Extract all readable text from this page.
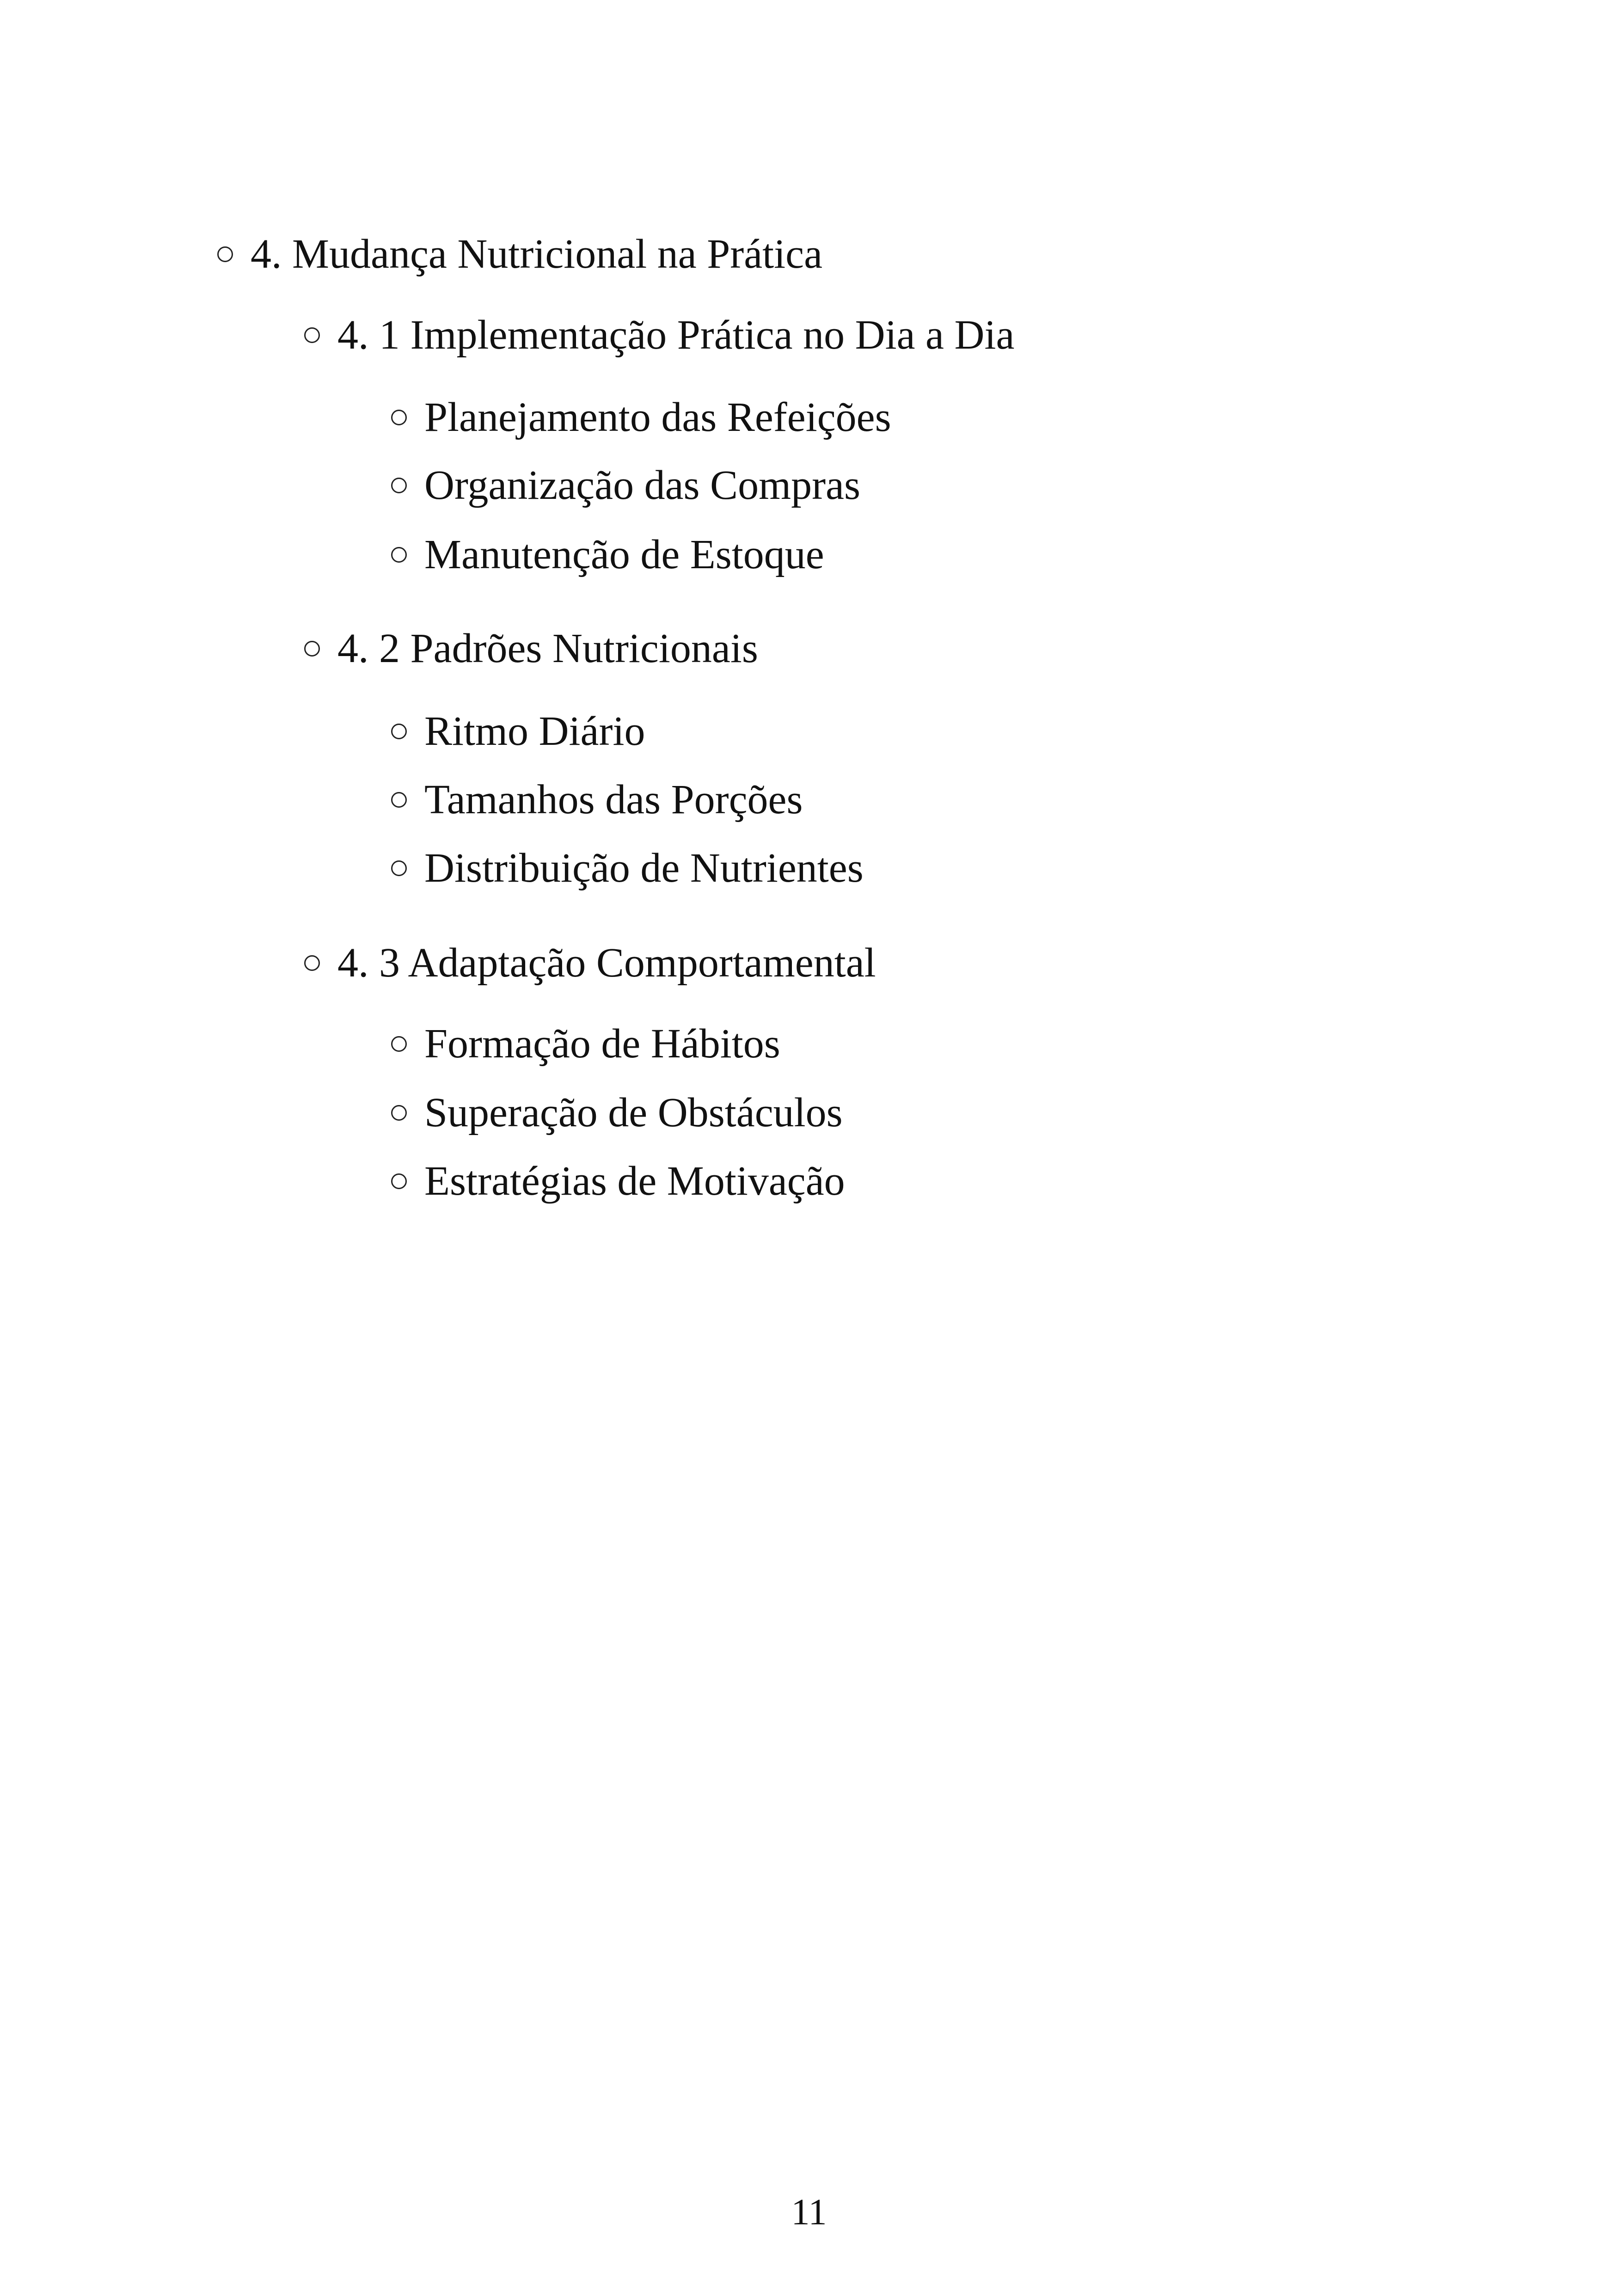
4. Mudança Nutricional na Prática
4. 1 Implementação Prática no Dia a Dia
Planejamento das Refeições
Organização das Compras
Manutenção de Estoque
4. 2 Padrões Nutricionais
Ritmo Diário
Tamanhos das Porções
Distribuição de Nutrientes
4. 3 Adaptação Comportamental
Formação de Hábitos
Superação de Obstáculos
Estratégias de Motivação
11
